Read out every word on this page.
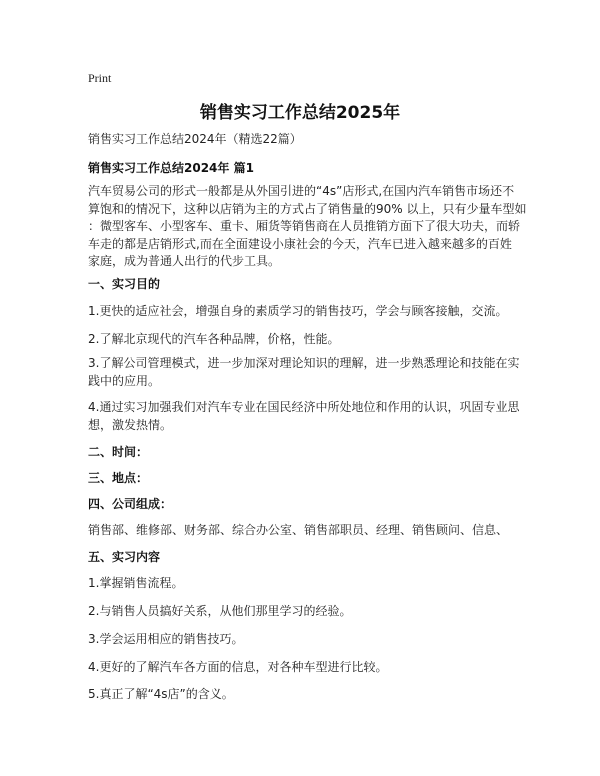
Print
销售实习工作总结2025年

销售实习工作总结2024年（精选22篇）

销售实习工作总结2024年 篇1
汽车贸易公司的形式一般都是从外国引进的“4s”店形式,在国内汽车销售市场还不
算饱和的情况下，这种以店销为主的方式占了销售量的90% 以上，只有少量车型如
：微型客车、小型客车、重卡、厢货等销售商在人员推销方面下了很大功夫，而轿
车走的都是店销形式,而在全面建设小康社会的今天，汽车已进入越来越多的百姓
家庭，成为普通人出行的代步工具。
一、实习目的

1.更快的适应社会，增强自身的素质学习的销售技巧，学会与顾客接触，交流。

2.了解北京现代的汽车各种品牌，价格，性能。

3.了解公司管理模式，进一步加深对理论知识的理解，进一步熟悉理论和技能在实
践中的应用。
4.通过实习加强我们对汽车专业在国民经济中所处地位和作用的认识，巩固专业思
想，激发热情。
二、时间：
三、地点：
四、公司组成：

销售部、维修部、财务部、综合办公室、销售部职员、经理、销售顾问、信息、

五、实习内容

1.掌握销售流程。

2.与销售人员搞好关系，从他们那里学习的经验。

3.学会运用相应的销售技巧。

4.更好的了解汽车各方面的信息，对各种车型进行比较。

5.真正了解“4s店”的含义。
